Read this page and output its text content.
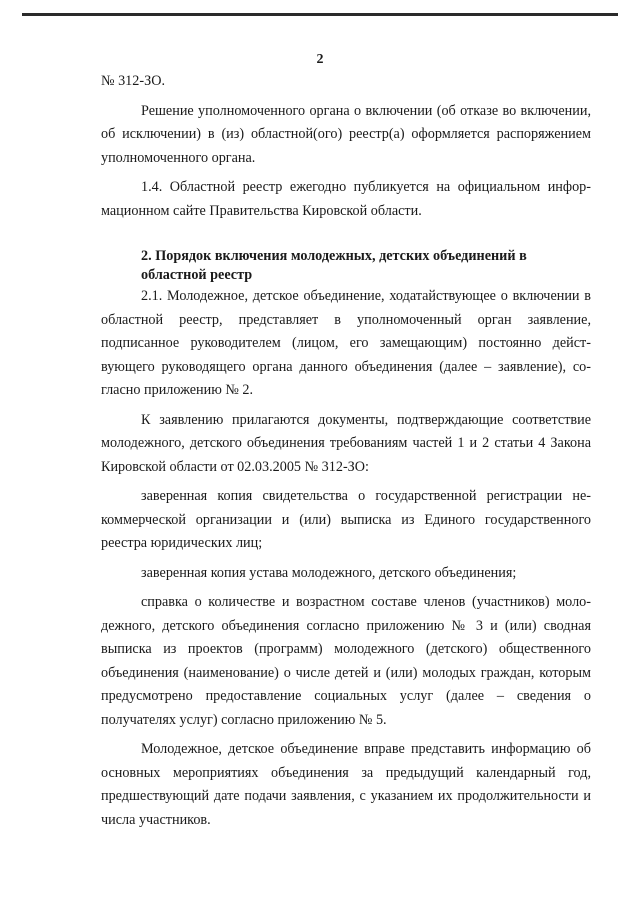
2

№ 312-ЗО.

Решение уполномоченного органа о включении (об отказе во включении, об исключении) в (из) областной(ого) реестр(а) оформляется распоряжением уполномоченного органа.

1.4. Областной реестр ежегодно публикуется на официальном информационном сайте Правительства Кировской области.

2. Порядок включения молодежных, детских объединений в областной реестр

2.1. Молодежное, детское объединение, ходатайствующее о включении в областной реестр, представляет в уполномоченный орган заявление, подписанное руководителем (лицом, его замещающим) постоянно действующего руководящего органа данного объединения (далее – заявление), согласно приложению № 2.

К заявлению прилагаются документы, подтверждающие соответствие молодежного, детского объединения требованиям частей 1 и 2 статьи 4 Закона Кировской области от 02.03.2005 № 312-ЗО:

заверенная копия свидетельства о государственной регистрации некоммерческой организации и (или) выписка из Единого государственного реестра юридических лиц;

заверенная копия устава молодежного, детского объединения;

справка о количестве и возрастном составе членов (участников) молодежного, детского объединения согласно приложению № 3 и (или) сводная выписка из проектов (программ) молодежного (детского) общественного объединения (наименование) о числе детей и (или) молодых граждан, которым предусмотрено предоставление социальных услуг (далее – сведения о получателях услуг) согласно приложению № 5.

Молодежное, детское объединение вправе представить информацию об основных мероприятиях объединения за предыдущий календарный год, предшествующий дате подачи заявления, с указанием их продолжительности и числа участников.
